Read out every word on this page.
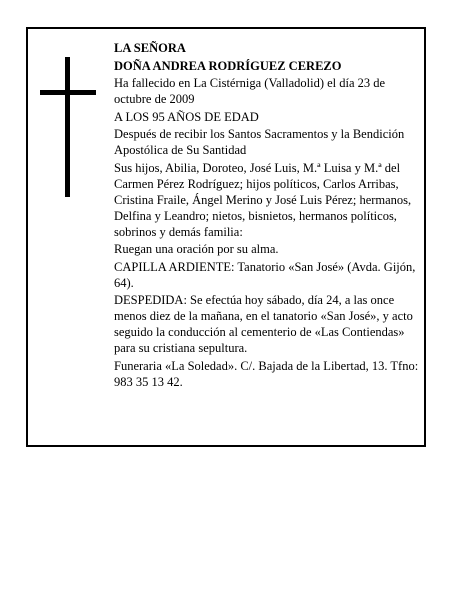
LA SEÑORA

DOÑA ANDREA RODRÍGUEZ CEREZO

Ha fallecido en La Cistérniga (Valladolid) el día 23 de octubre de 2009

A LOS 95 AÑOS DE EDAD

Después de recibir los Santos Sacramentos y la Bendición Apostólica de Su Santidad

Sus hijos, Abilia, Doroteo, José Luis, M.ª Luisa y M.ª del Carmen Pérez Rodríguez; hijos políticos, Carlos Arribas, Cristina Fraile, Ángel Merino y José Luis Pérez; hermanos, Delfina y Leandro; nietos, bisnietos, hermanos políticos, sobrinos y demás familia:

Ruegan una oración por su alma.

CAPILLA ARDIENTE: Tanatorio «San José» (Avda. Gijón, 64).

DESPEDIDA: Se efectúa hoy sábado, día 24, a las once menos diez de la mañana, en el tanatorio «San José», y acto seguido la conducción al cementerio de «Las Contiendas» para su cristiana sepultura.

Funeraria «La Soledad». C/. Bajada de la Libertad, 13. Tfno: 983 35 13 42.
